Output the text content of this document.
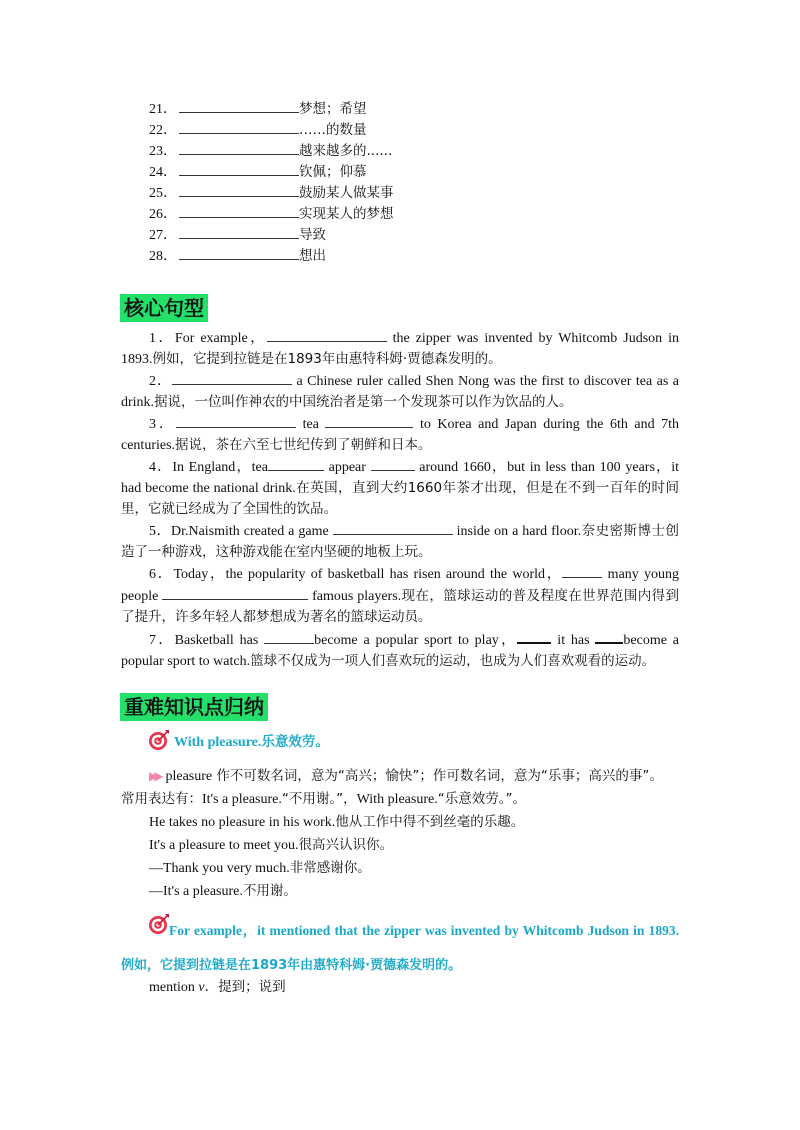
21．	梦想；希望
22．	……的数量
23．	越来越多的......
24．	钦佩；仰慕
25．	鼓励某人做某事
26．	实现某人的梦想
27．	导致
28．	想出
核心句型

1．For example，	the zipper was invented by Whitcomb Judson in 1893.例如，它提到拉链是在1893年由惠特科姆·贾德森发明的。

2．	a Chinese ruler called Shen Nong was the first to discover tea as a drink.据说，一位叫作神农的中国统治者是第一个发现茶可以作为饮品的人。

3．	tea	to Korea and Japan during the 6th and 7th centuries.据说，茶在六至七世纪传到了朝鲜和日本。

4．In England，tea	appear	around 1660，but in less than 100 years，it had become the national drink.在英国，直到大约1660年茶才出现，但是在不到一百年的时间里，它就已经成为了全国性的饮品。

5．Dr.Naismith created a game	inside on a hard floor.奈史密斯博士创造了一种游戏，这种游戏能在室内坚硬的地板上玩。

6．Today，the popularity of basketball has risen around the world，	many young people	famous players.现在，篮球运动的普及程度在世界范围内得到了提升，许多年轻人都梦想成为著名的篮球运动员。

7．Basketball has	become a popular sport to play， it has become a popular sport to watch.篮球不仅成为一项人们喜欢玩的运动，也成为人们喜欢观看的运动。

重难知识点归纳
With pleasure.乐意效劳。

▶▶ pleasure 作不可数名词，意为“高兴；愉快”；作可数名词，意为“乐事；高兴的事”。

常用表达有：It's a pleasure.“不用谢。”，With pleasure.“乐意效劳。”。

He takes no pleasure in his work.他从工作中得不到丝毫的乐趣。

It's a pleasure to meet you.很高兴认识你。

—Thank you very much.非常感谢你。

—It's a pleasure.不用谢。

For example，it mentioned that the zipper was invented by Whitcomb Judson in 1893.例如，它提到拉链是在1893年由惠特科姆·贾德森发明的。

mention v．提到；说到
